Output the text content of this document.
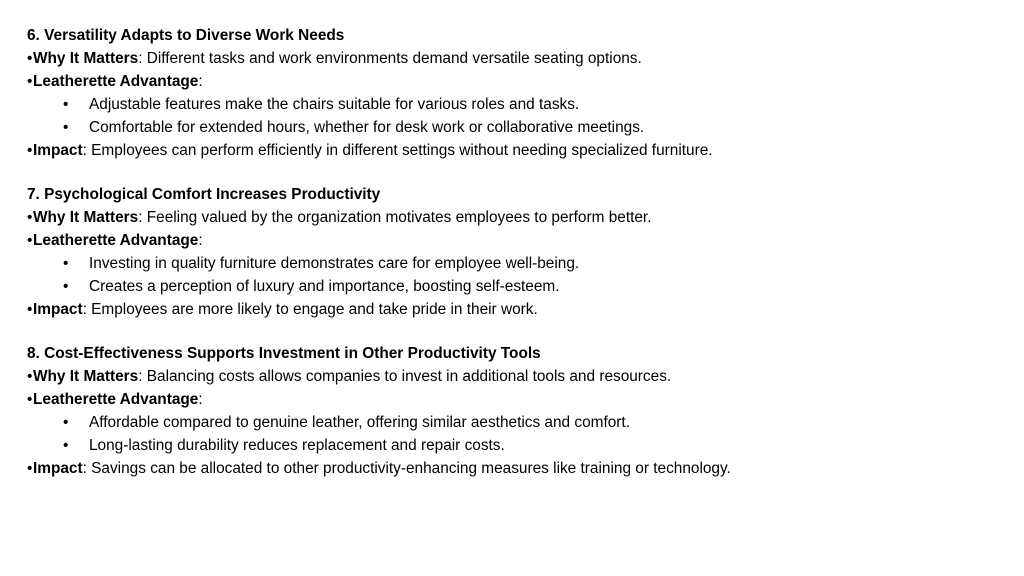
6. Versatility Adapts to Diverse Work Needs
•Why It Matters: Different tasks and work environments demand versatile seating options.
•Leatherette Advantage:
• Adjustable features make the chairs suitable for various roles and tasks.
• Comfortable for extended hours, whether for desk work or collaborative meetings.
•Impact: Employees can perform efficiently in different settings without needing specialized furniture.
7. Psychological Comfort Increases Productivity
•Why It Matters: Feeling valued by the organization motivates employees to perform better.
•Leatherette Advantage:
• Investing in quality furniture demonstrates care for employee well-being.
• Creates a perception of luxury and importance, boosting self-esteem.
•Impact: Employees are more likely to engage and take pride in their work.
8. Cost-Effectiveness Supports Investment in Other Productivity Tools
•Why It Matters: Balancing costs allows companies to invest in additional tools and resources.
•Leatherette Advantage:
• Affordable compared to genuine leather, offering similar aesthetics and comfort.
• Long-lasting durability reduces replacement and repair costs.
•Impact: Savings can be allocated to other productivity-enhancing measures like training or technology.
